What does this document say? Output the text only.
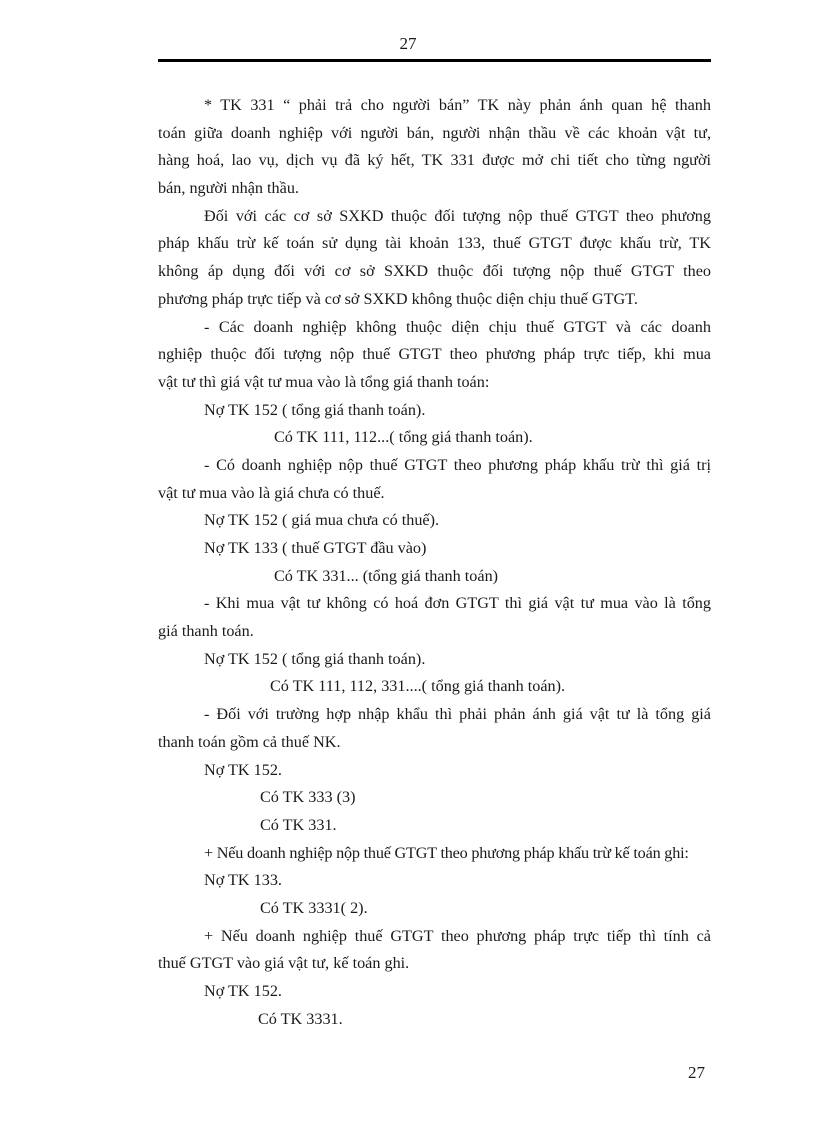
27
* TK 331 “ phải trả cho người bán” TK này phản ánh quan hệ thanh
toán giữa doanh nghiệp với người bán, người nhận thầu về các khoản vật tư,
hàng hoá, lao vụ, dịch vụ đã ký hết, TK 331 được mở chi tiết cho từng người
bán, người nhận thầu.
Đối với các cơ sở SXKD thuộc đối tượng nộp thuế GTGT theo phương
pháp khấu trừ kế toán sử dụng tài khoản 133, thuế GTGT được khấu trừ, TK
không áp dụng đối với cơ sở SXKD thuộc đối tượng nộp thuế GTGT theo
phương pháp trực tiếp và cơ sở SXKD không thuộc diện chịu thuế GTGT.
- Các doanh nghiệp không thuộc diện chịu thuế GTGT và các doanh
nghiệp thuộc đối tượng nộp thuế GTGT theo phương pháp trực tiếp, khi mua
vật tư thì giá vật tư mua vào là tổng giá thanh toán:
Nợ TK 152 ( tổng giá thanh toán).
Có TK 111, 112...( tổng giá thanh toán).
- Có doanh nghiệp nộp thuế GTGT theo phương pháp khấu trừ thì giá trị
vật tư mua vào là giá chưa có thuế.
Nợ TK 152 ( giá mua chưa có thuế).
Nợ TK 133 ( thuế GTGT đầu vào)
Có TK 331... (tổng giá thanh toán)
- Khi mua vật tư không có hoá đơn GTGT thì giá vật tư mua vào là tổng
giá thanh toán.
Nợ TK 152 ( tổng giá thanh toán).
Có TK 111, 112, 331....( tổng giá thanh toán).
- Đối với trường hợp nhập khẩu thì phải phản ánh giá vật tư là tổng giá
thanh toán gồm cả thuế NK.
Nợ TK 152.
Có TK 333 (3)
Có TK 331.
+ Nếu doanh nghiệp nộp thuế GTGT theo phương pháp khấu trừ kế toán ghi:
Nợ TK 133.
Có TK 3331( 2).
+ Nếu doanh nghiệp thuế GTGT theo phương pháp trực tiếp thì tính cả
thuế GTGT vào giá vật tư, kế toán ghi.
Nợ TK 152.
Có TK 3331.
27
